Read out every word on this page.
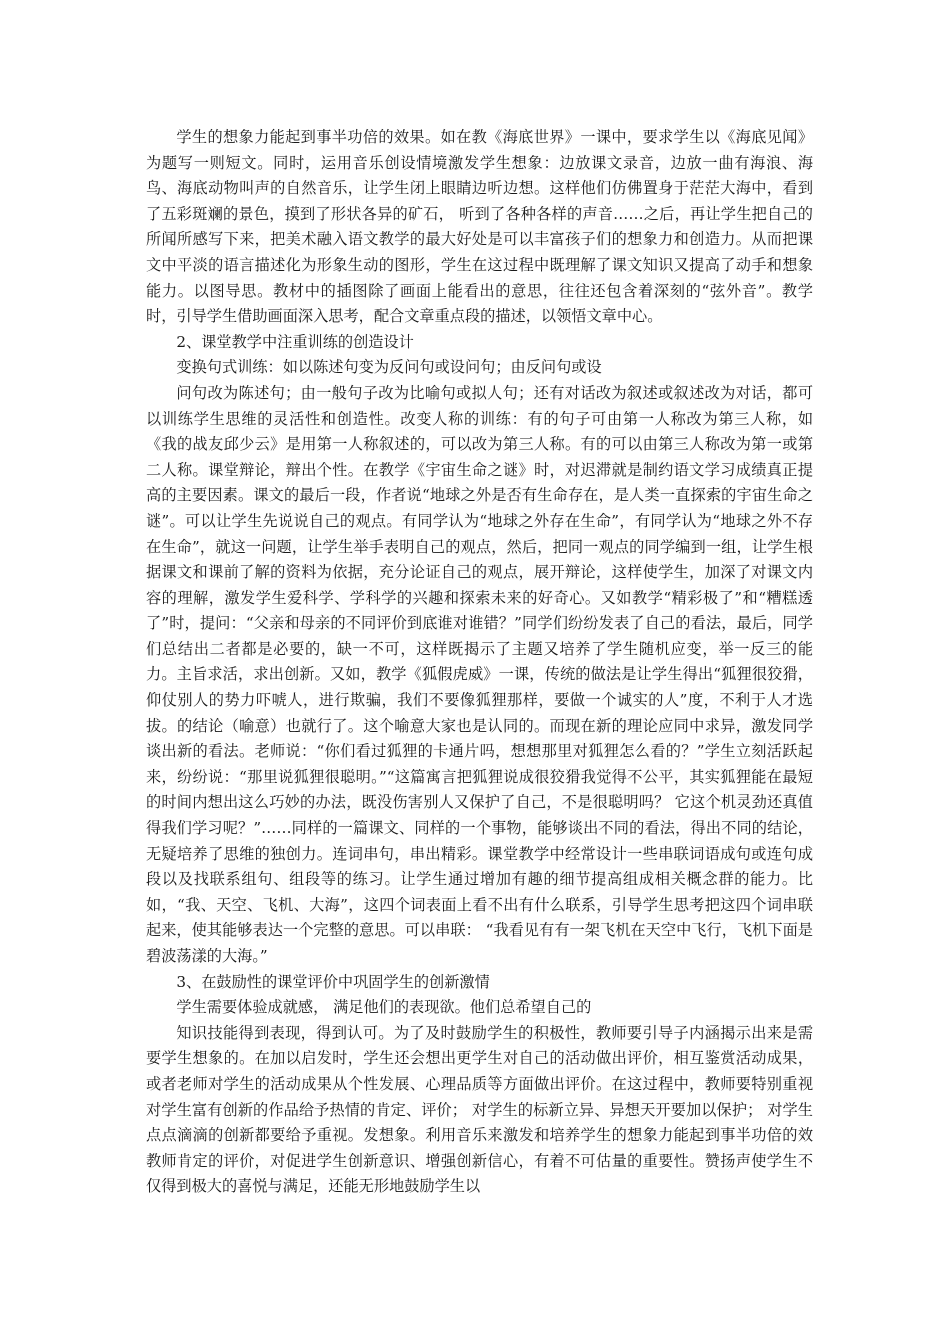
学生的想象力能起到事半功倍的效果。如在教《海底世界》一课中，要求学生以《海底见闻》为题写一则短文。同时，运用音乐创设情境激发学生想象：边放课文录音，边放一曲有海浪、海鸟、海底动物叫声的自然音乐，让学生闭上眼睛边听边想。这样他们仿佛置身于茫茫大海中，看到了五彩斑斓的景色，摸到了形状各异的矿石， 听到了各种各样的声音……之后，再让学生把自己的所闻所感写下来，把美术融入语文教学的最大好处是可以丰富孩子们的想象力和创造力。从而把课文中平淡的语言描述化为形象生动的图形，学生在这过程中既理解了课文知识又提高了动手和想象能力。以图导思。教材中的插图除了画面上能看出的意思，往往还包含着深刻的“弦外音”。教学时，引导学生借助画面深入思考，配合文章重点段的描述，以领悟文章中心。

2、课堂教学中注重训练的创造设计

变换句式训练：如以陈述句变为反问句或设问句；由反问句或设

问句改为陈述句；由一般句子改为比喻句或拟人句；还有对话改为叙述或叙述改为对话，都可以训练学生思维的灵活性和创造性。改变人称的训练：有的句子可由第一人称改为第三人称，如《我的战友邱少云》是用第一人称叙述的，可以改为第三人称。有的可以由第三人称改为第一或第二人称。课堂辩论，辩出个性。在教学《宇宙生命之谜》时，对迟滞就是制约语文学习成绩真正提高的主要因素。课文的最后一段，作者说“地球之外是否有生命存在，是人类一直探索的宇宙生命之谜”。可以让学生先说说自己的观点。有同学认为“地球之外存在生命”，有同学认为“地球之外不存在生命”，就这一问题，让学生举手表明自己的观点，然后，把同一观点的同学编到一组，让学生根据课文和课前了解的资料为依据，充分论证自己的观点，展开辩论，这样使学生，加深了对课文内容的理解，激发学生爱科学、学科学的兴趣和探索未来的好奇心。又如教学“精彩极了”和“糟糕透了”时，提问：“父亲和母亲的不同评价到底谁对谁错？”同学们纷纷发表了自己的看法，最后，同学们总结出二者都是必要的，缺一不可，这样既揭示了主题又培养了学生随机应变，举一反三的能力。主旨求活，求出创新。又如，教学《狐假虎威》一课，传统的做法是让学生得出“狐狸很狡猾，仰仗别人的势力吓唬人，进行欺骗，我们不要像狐狸那样，要做一个诚实的人”度，不利于人才选拔。的结论（喻意）也就行了。这个喻意大家也是认同的。而现在新的理论应同中求异，激发同学谈出新的看法。老师说：“你们看过狐狸的卡通片吗，想想那里对狐狸怎么看的？”学生立刻活跃起来，纷纷说：“那里说狐狸很聪明。”“这篇寓言把狐狸说成很狡猾我觉得不公平，其实狐狸能在最短的时间内想出这么巧妙的办法，既没伤害别人又保护了自己，不是很聪明吗？ 它这个机灵劲还真值得我们学习呢？”……同样的一篇课文、同样的一个事物，能够谈出不同的看法，得出不同的结论，无疑培养了思维的独创力。连词串句，串出精彩。课堂教学中经常设计一些串联词语成句或连句成段以及找联系组句、组段等的练习。让学生通过增加有趣的细节提高组成相关概念群的能力。比如，“我、天空、飞机、大海”，这四个词表面上看不出有什么联系，引导学生思考把这四个词串联起来，使其能够表达一个完整的意思。可以串联： “我看见有有一架飞机在天空中飞行，飞机下面是碧波荡漾的大海。”

3、在鼓励性的课堂评价中巩固学生的创新激情

学生需要体验成就感， 满足他们的表现欲。他们总希望自己的

知识技能得到表现，得到认可。为了及时鼓励学生的积极性，教师要引导子内涵揭示出来是需要学生想象的。在加以启发时，学生还会想出更学生对自己的活动做出评价，相互鉴赏活动成果，或者老师对学生的活动成果从个性发展、心理品质等方面做出评价。在这过程中，教师要特别重视对学生富有创新的作品给予热情的肯定、评价； 对学生的标新立异、异想天开要加以保护； 对学生点点滴滴的创新都要给予重视。发想象。利用音乐来激发和培养学生的想象力能起到事半功倍的效教师肯定的评价，对促进学生创新意识、增强创新信心，有着不可估量的重要性。赞扬声使学生不仅得到极大的喜悦与满足，还能无形地鼓励学生以
